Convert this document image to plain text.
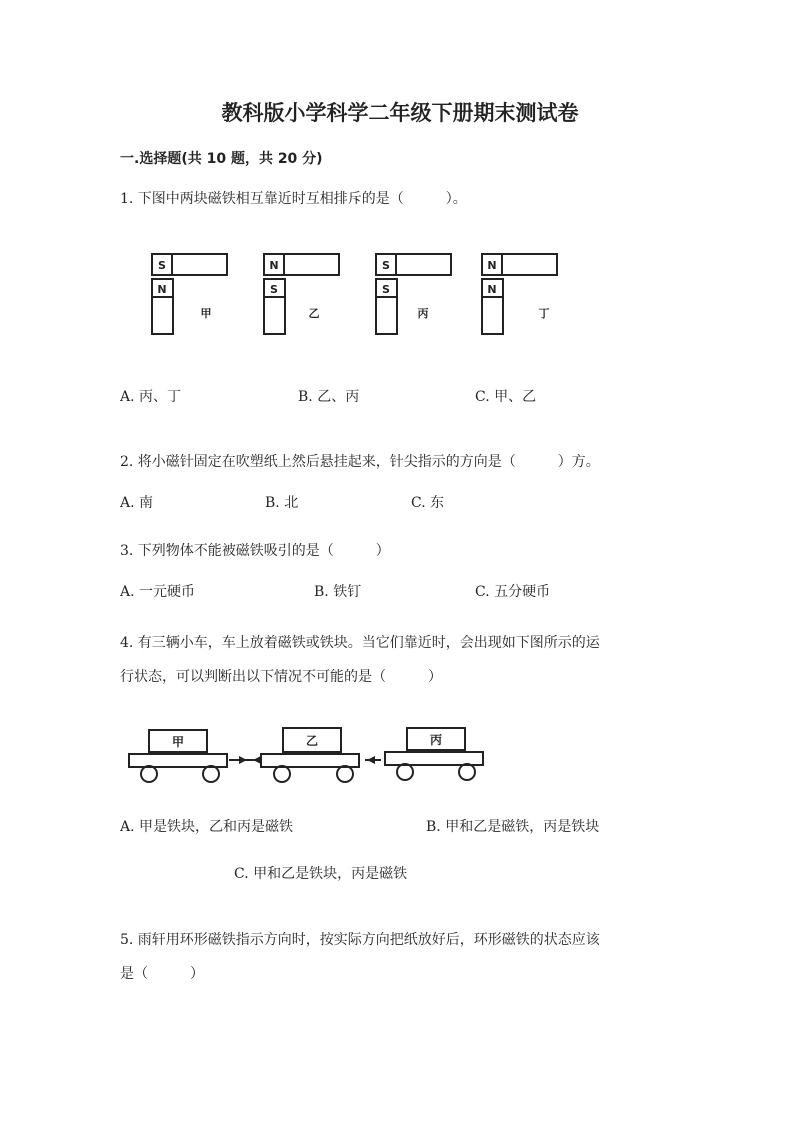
教科版小学科学二年级下册期末测试卷
一.选择题(共 10 题，共 20 分)
1. 下图中两块磁铁相互靠近时互相排斥的是（　　　）。
S
N
甲
N
S
乙
S
S
丙
N
N
丁
A. 丙、丁	B. 乙、丙	C. 甲、乙
2. 将小磁针固定在吹塑纸上然后悬挂起来，针尖指示的方向是（　　　）方。
A. 南	B. 北	C. 东
3. 下列物体不能被磁铁吸引的是（　　　）
A. 一元硬币	B. 铁钉	C. 五分硬币
4. 有三辆小车，车上放着磁铁或铁块。当它们靠近时，会出现如下图所示的运
行状态，可以判断出以下情况不可能的是（　　　）
甲	乙	丙
A. 甲是铁块，乙和丙是磁铁	B. 甲和乙是磁铁，丙是铁块
C. 甲和乙是铁块，丙是磁铁
5. 雨轩用环形磁铁指示方向时，按实际方向把纸放好后，环形磁铁的状态应该
是（　　　）
